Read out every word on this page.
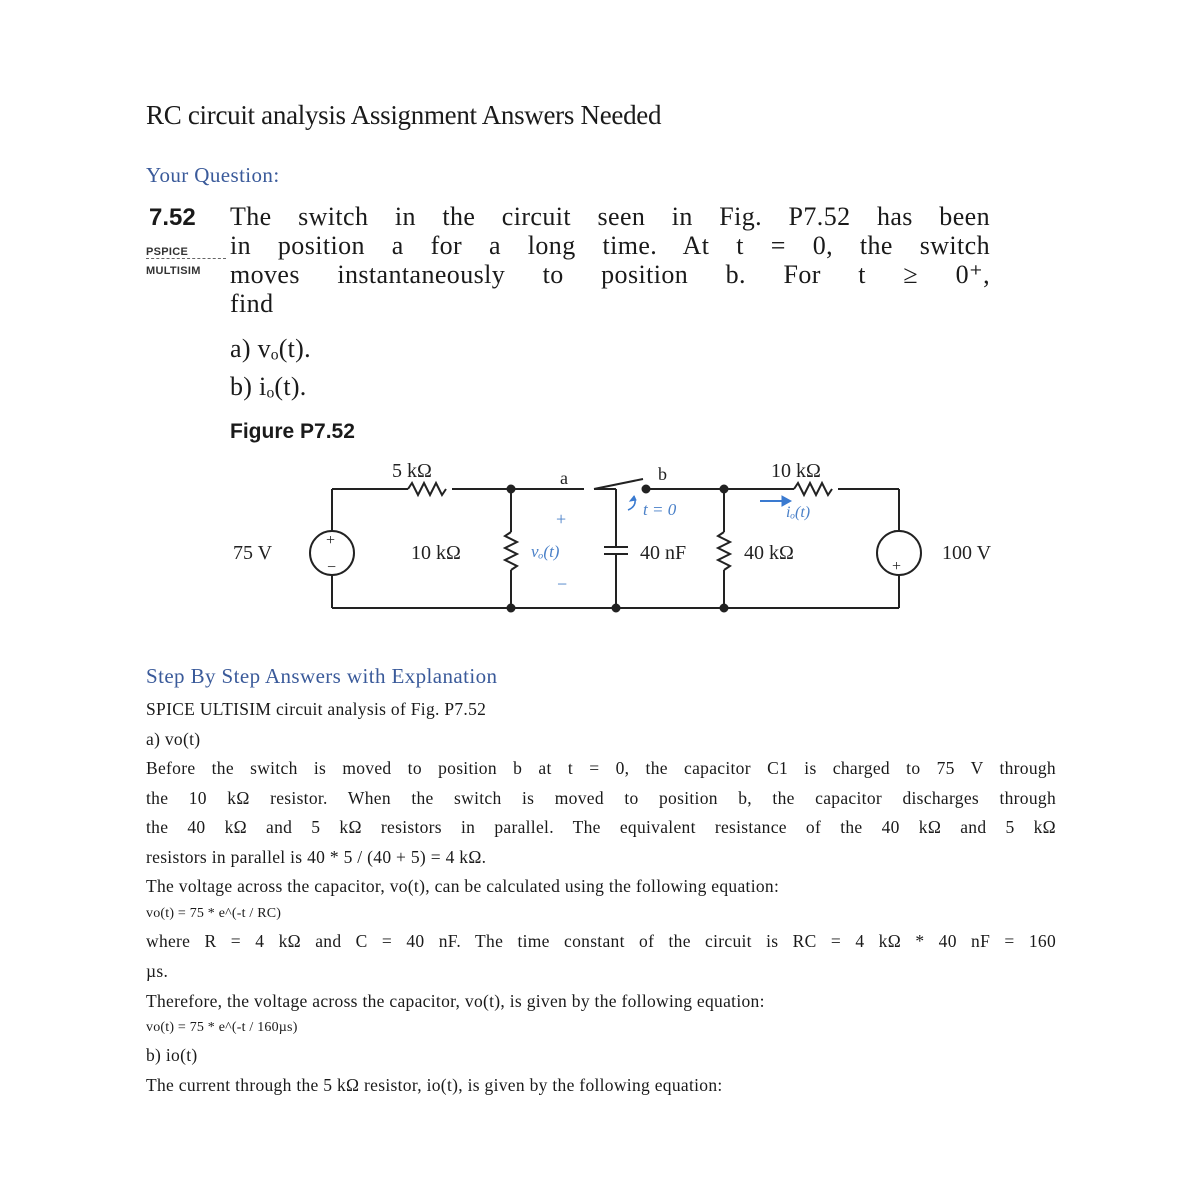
RC circuit analysis Assignment Answers Needed
Your Question:
7.52
PSPICE
MULTISIM
The switch in the circuit seen in Fig. P7.52 has been
in position a for a long time. At t = 0, the switch
moves instantaneously to position b. For t ≥ 0⁺,
find
a) vₒ(t).
b) iₒ(t).
Figure P7.52
5 kΩ	a	b	10 kΩ
t = 0	iₒ(t)
75 V
+
−
10 kΩ
+
vₒ(t)
−
40 nF	40 kΩ
−
+
100 V
Step By Step Answers with Explanation
SPICE ULTISIM circuit analysis of Fig. P7.52
a) vo(t)
Before the switch is moved to position b at t = 0, the capacitor C1 is charged to 75 V through
the 10 kΩ resistor. When the switch is moved to position b, the capacitor discharges through
the 40 kΩ and 5 kΩ resistors in parallel. The equivalent resistance of the 40 kΩ and 5 kΩ
resistors in parallel is 40 * 5 / (40 + 5) = 4 kΩ.
The voltage across the capacitor, vo(t), can be calculated using the following equation:
vo(t) = 75 * e^(-t / RC)
where R = 4 kΩ and C = 40 nF. The time constant of the circuit is RC = 4 kΩ * 40 nF = 160
µs.
Therefore, the voltage across the capacitor, vo(t), is given by the following equation:
vo(t) = 75 * e^(-t / 160µs)
b) io(t)
The current through the 5 kΩ resistor, io(t), is given by the following equation:
